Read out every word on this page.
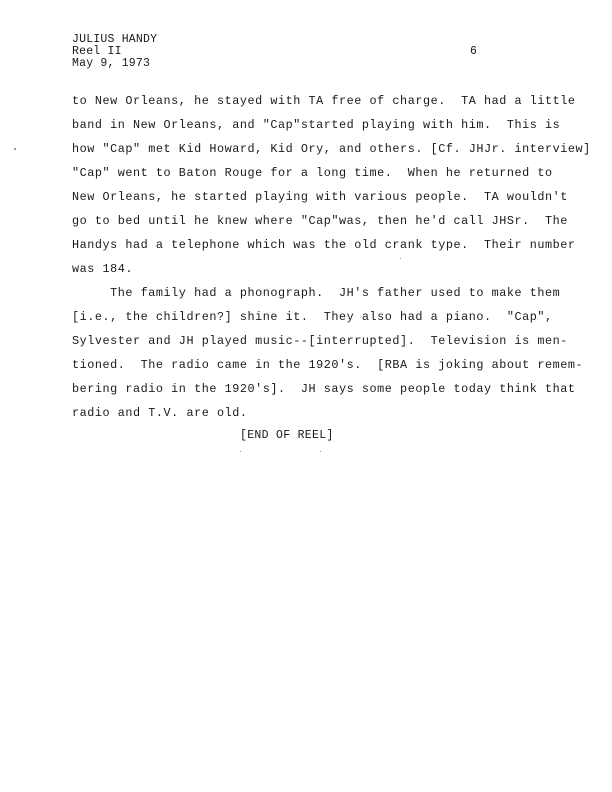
JULIUS HANDY
Reel II
May 9, 1973
6
to New Orleans, he stayed with TA free of charge.  TA had a little
band in New Orleans, and "Cap"started playing with him.  This is
how "Cap" met Kid Howard, Kid Ory, and others. [Cf. JHJr. interview]
"Cap" went to Baton Rouge for a long time.  When he returned to
New Orleans, he started playing with various people.  TA wouldn't
go to bed until he knew where "Cap"was, then he'd call JHSr.  The
Handys had a telephone which was the old crank type.  Their number
was 184.
The family had a phonograph.  JH's father used to make them
[i.e., the children?] shine it.  They also had a piano.  "Cap",
Sylvester and JH played music--[interrupted].  Television is men-
tioned.  The radio came in the 1920's.  [RBA is joking about remem-
bering radio in the 1920's].  JH says some people today think that
radio and T.V. are old.
[END OF REEL]
